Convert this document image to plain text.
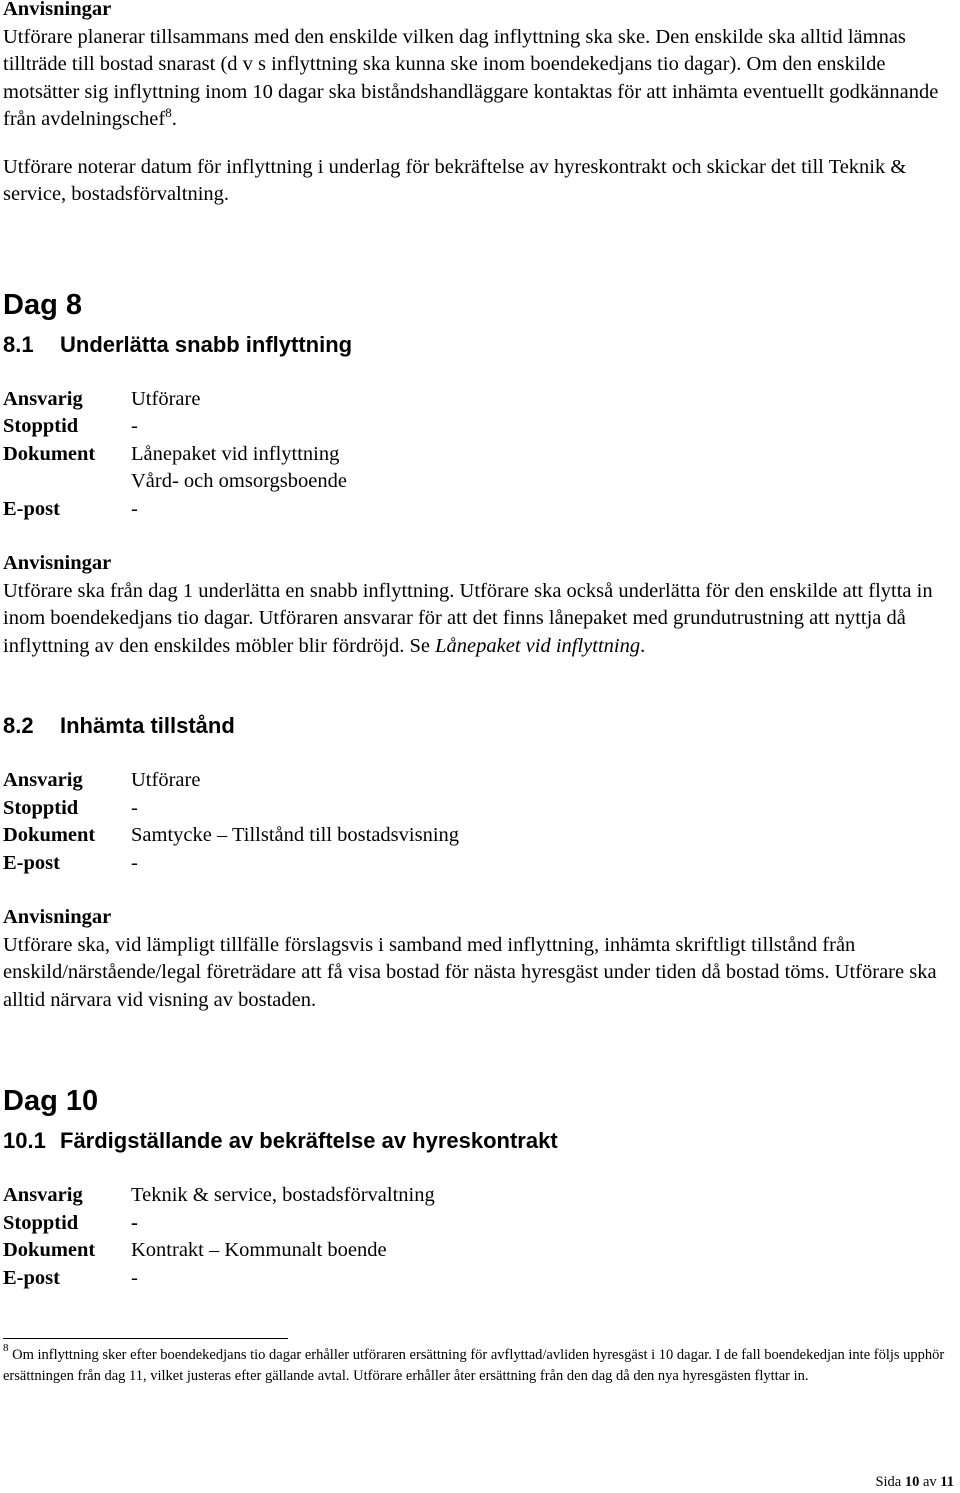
Anvisningar

Utförare planerar tillsammans med den enskilde vilken dag inflyttning ska ske. Den enskilde ska alltid lämnas tillträde till bostad snarast (d v s inflyttning ska kunna ske inom boendekedjans tio dagar). Om den enskilde motsätter sig inflyttning inom 10 dagar ska biståndshandläggare kontaktas för att inhämta eventuellt godkännande från avdelningschef$^8$.

Utförare noterar datum för inflyttning i underlag för bekräftelse av hyreskontrakt och skickar det till Teknik & service, bostadsförvaltning.

Dag 8
8.1 Underlätta snabb inflyttning
Ansvarig	Utförare
Stopptid	-
Dokument	Lånepaket vid inflyttning
Vård- och omsorgsboende
E-post	-

Anvisningar

Utförare ska från dag 1 underlätta en snabb inflyttning. Utförare ska också underlätta för den enskilde att flytta in inom boendekedjans tio dagar. Utföraren ansvarar för att det finns lånepaket med grundutrustning att nyttja då inflyttning av den enskildes möbler blir fördröjd. Se Lånepaket vid inflyttning.

8.2 Inhämta tillstånd
Ansvarig	Utförare
Stopptid	-
Dokument	Samtycke – Tillstånd till bostadsvisning
E-post	-

Anvisningar

Utförare ska, vid lämpligt tillfälle förslagsvis i samband med inflyttning, inhämta skriftligt tillstånd från enskild/närstående/legal företrädare att få visa bostad för nästa hyresgäst under tiden då bostad töms. Utförare ska alltid närvara vid visning av bostaden.

Dag 10
10.1 Färdigställande av bekräftelse av hyreskontrakt
Ansvarig	Teknik & service, bostadsförvaltning
Stopptid	-
Dokument	Kontrakt – Kommunalt boende
E-post	-

$^8$ Om inflyttning sker efter boendekedjans tio dagar erhåller utföraren ersättning för avflyttad/avliden hyresgäst i 10 dagar. I de fall boendekedjan inte följs upphör ersättningen från dag 11, vilket justeras efter gällande avtal. Utförare erhåller åter ersättning från den dag då den nya hyresgästen flyttar in.

Sida 10 av 11
